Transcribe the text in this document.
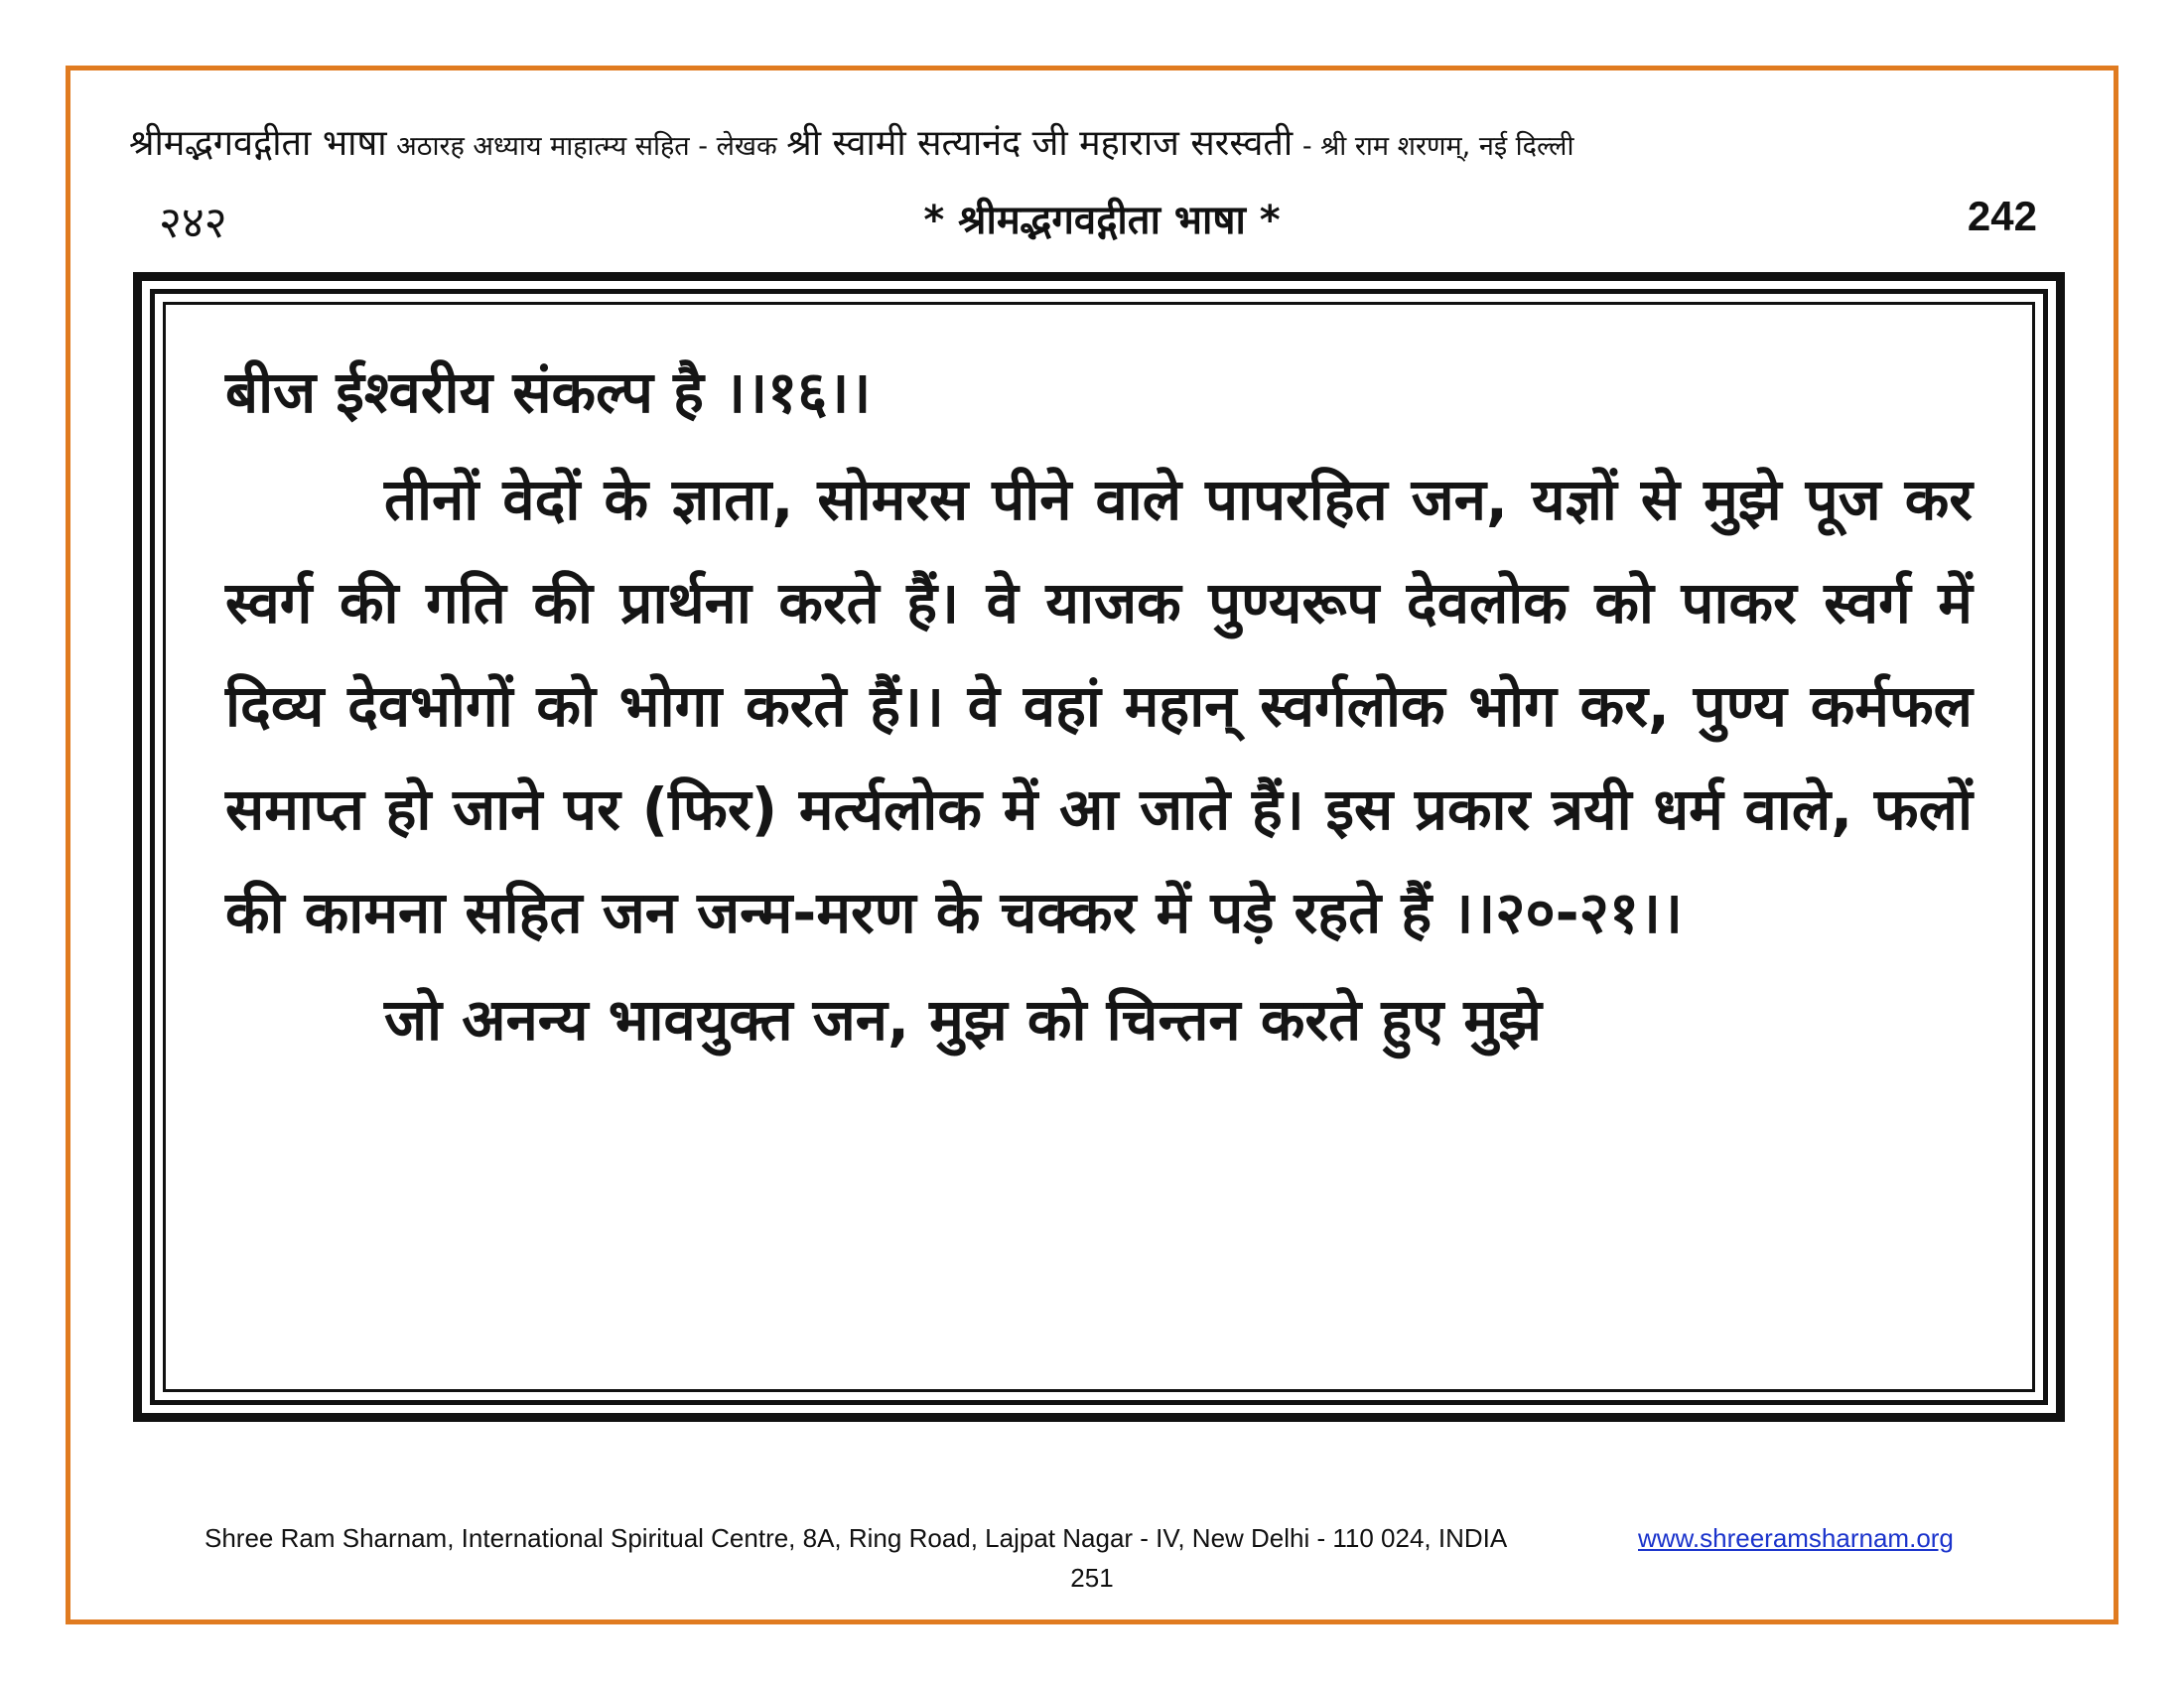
श्रीमद्भगवद्गीता भाषा अठारह अध्याय माहात्म्य सहित - लेखक श्री स्वामी सत्यानंद जी महाराज सरस्वती - श्री राम शरणम्, नई दिल्ली
२४२	* श्रीमद्भगवद्गीता भाषा *	242

बीज ईश्वरीय संकल्प है ।।१६।।

तीनों वेदों के ज्ञाता, सोमरस पीने वाले पापरहित जन, यज्ञों से मुझे पूज कर स्वर्ग की गति की प्रार्थना करते हैं। वे याजक पुण्यरूप देवलोक को पाकर स्वर्ग में दिव्य देवभोगों को भोगा करते हैं।। वे वहां महान् स्वर्गलोक भोग कर, पुण्य कर्मफल समाप्त हो जाने पर (फिर) मर्त्यलोक में आ जाते हैं। इस प्रकार त्रयी धर्म वाले, फलों की कामना सहित जन जन्म-मरण के चक्कर में पड़े रहते हैं ।।२०-२१।।

जो अनन्य भावयुक्त जन, मुझ को चिन्तन करते हुए मुझे

Shree Ram Sharnam, International Spiritual Centre, 8A, Ring Road, Lajpat Nagar - IV, New Delhi - 110 024, INDIA	www.shreeramsharnam.org
251
